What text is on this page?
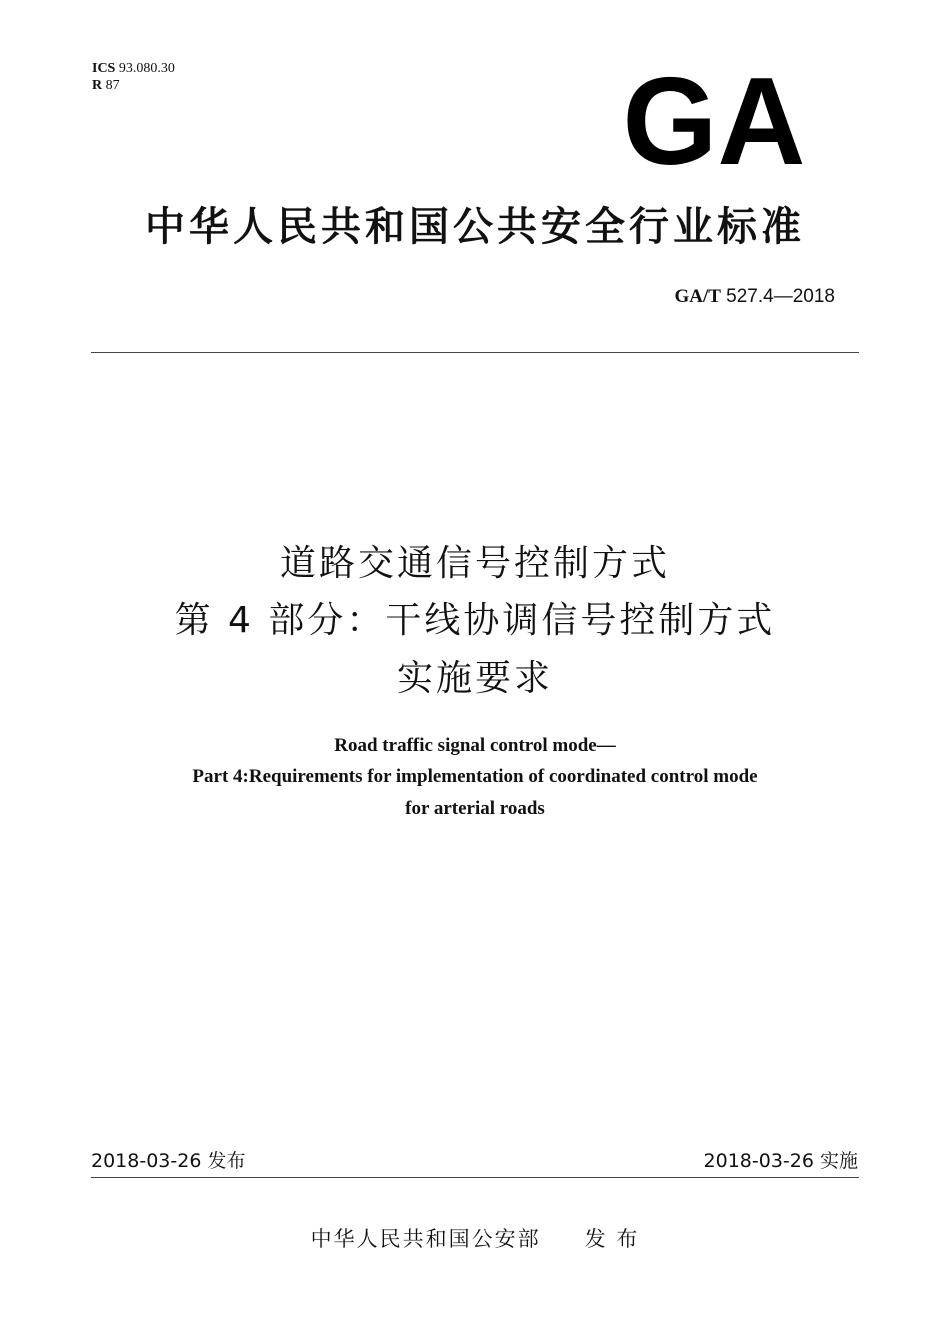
ICS 93.080.30
R 87	GA
中华人民共和国公共安全行业标准
GA/T 527.4—2018
道路交通信号控制方式
第 4 部分：干线协调信号控制方式
实施要求
Road traffic signal control mode—
Part 4:Requirements for implementation of coordinated control mode
for arterial roads
2018-03-26 发布	2018-03-26 实施
中华人民共和国公安部 发 布
